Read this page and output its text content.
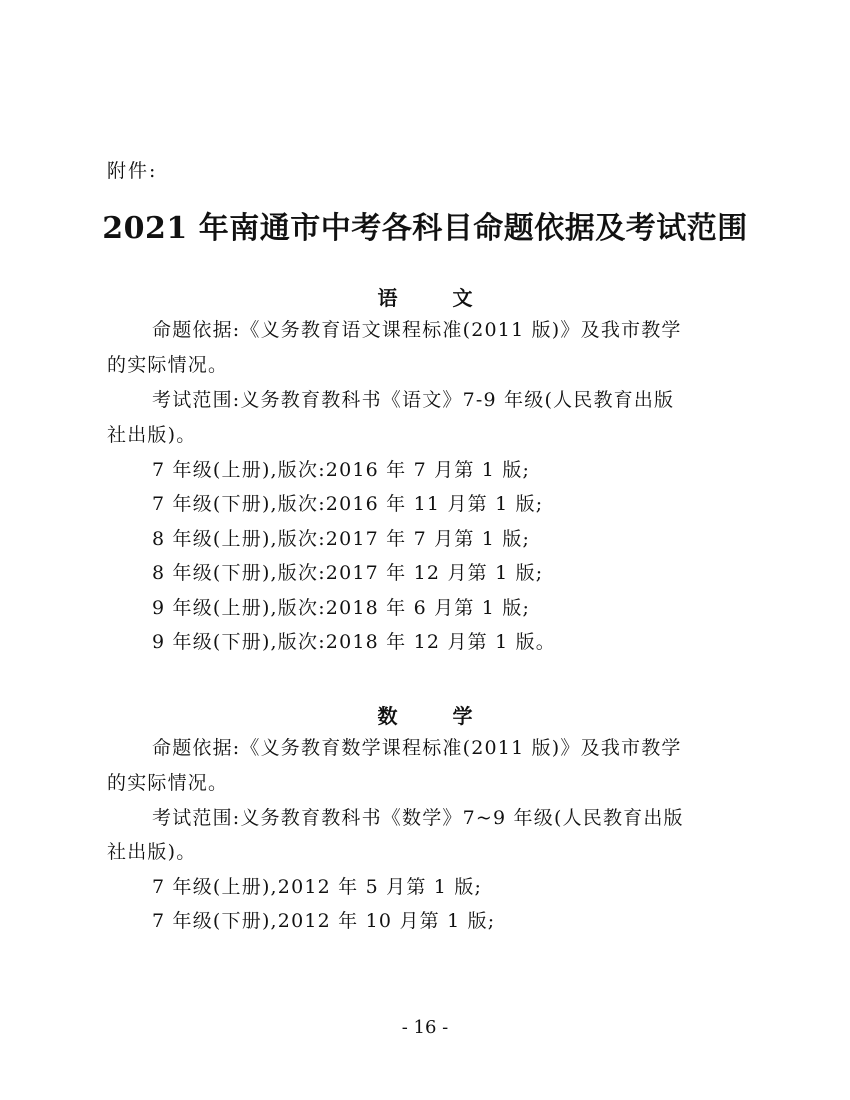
附件:
2021 年南通市中考各科目命题依据及考试范围
语 文
命题依据:《义务教育语文课程标准(2011 版)》及我市教学
的实际情况。
考试范围:义务教育教科书《语文》7-9 年级(人民教育出版
社出版)。
7 年级(上册),版次:2016 年 7 月第 1 版;
7 年级(下册),版次:2016 年 11 月第 1 版;
8 年级(上册),版次:2017 年 7 月第 1 版;
8 年级(下册),版次:2017 年 12 月第 1 版;
9 年级(上册),版次:2018 年 6 月第 1 版;
9 年级(下册),版次:2018 年 12 月第 1 版。
数 学
命题依据:《义务教育数学课程标准(2011 版)》及我市教学
的实际情况。
考试范围:义务教育教科书《数学》7~9 年级(人民教育出版
社出版)。
7 年级(上册),2012 年 5 月第 1 版;
7 年级(下册),2012 年 10 月第 1 版;
- 16 -
